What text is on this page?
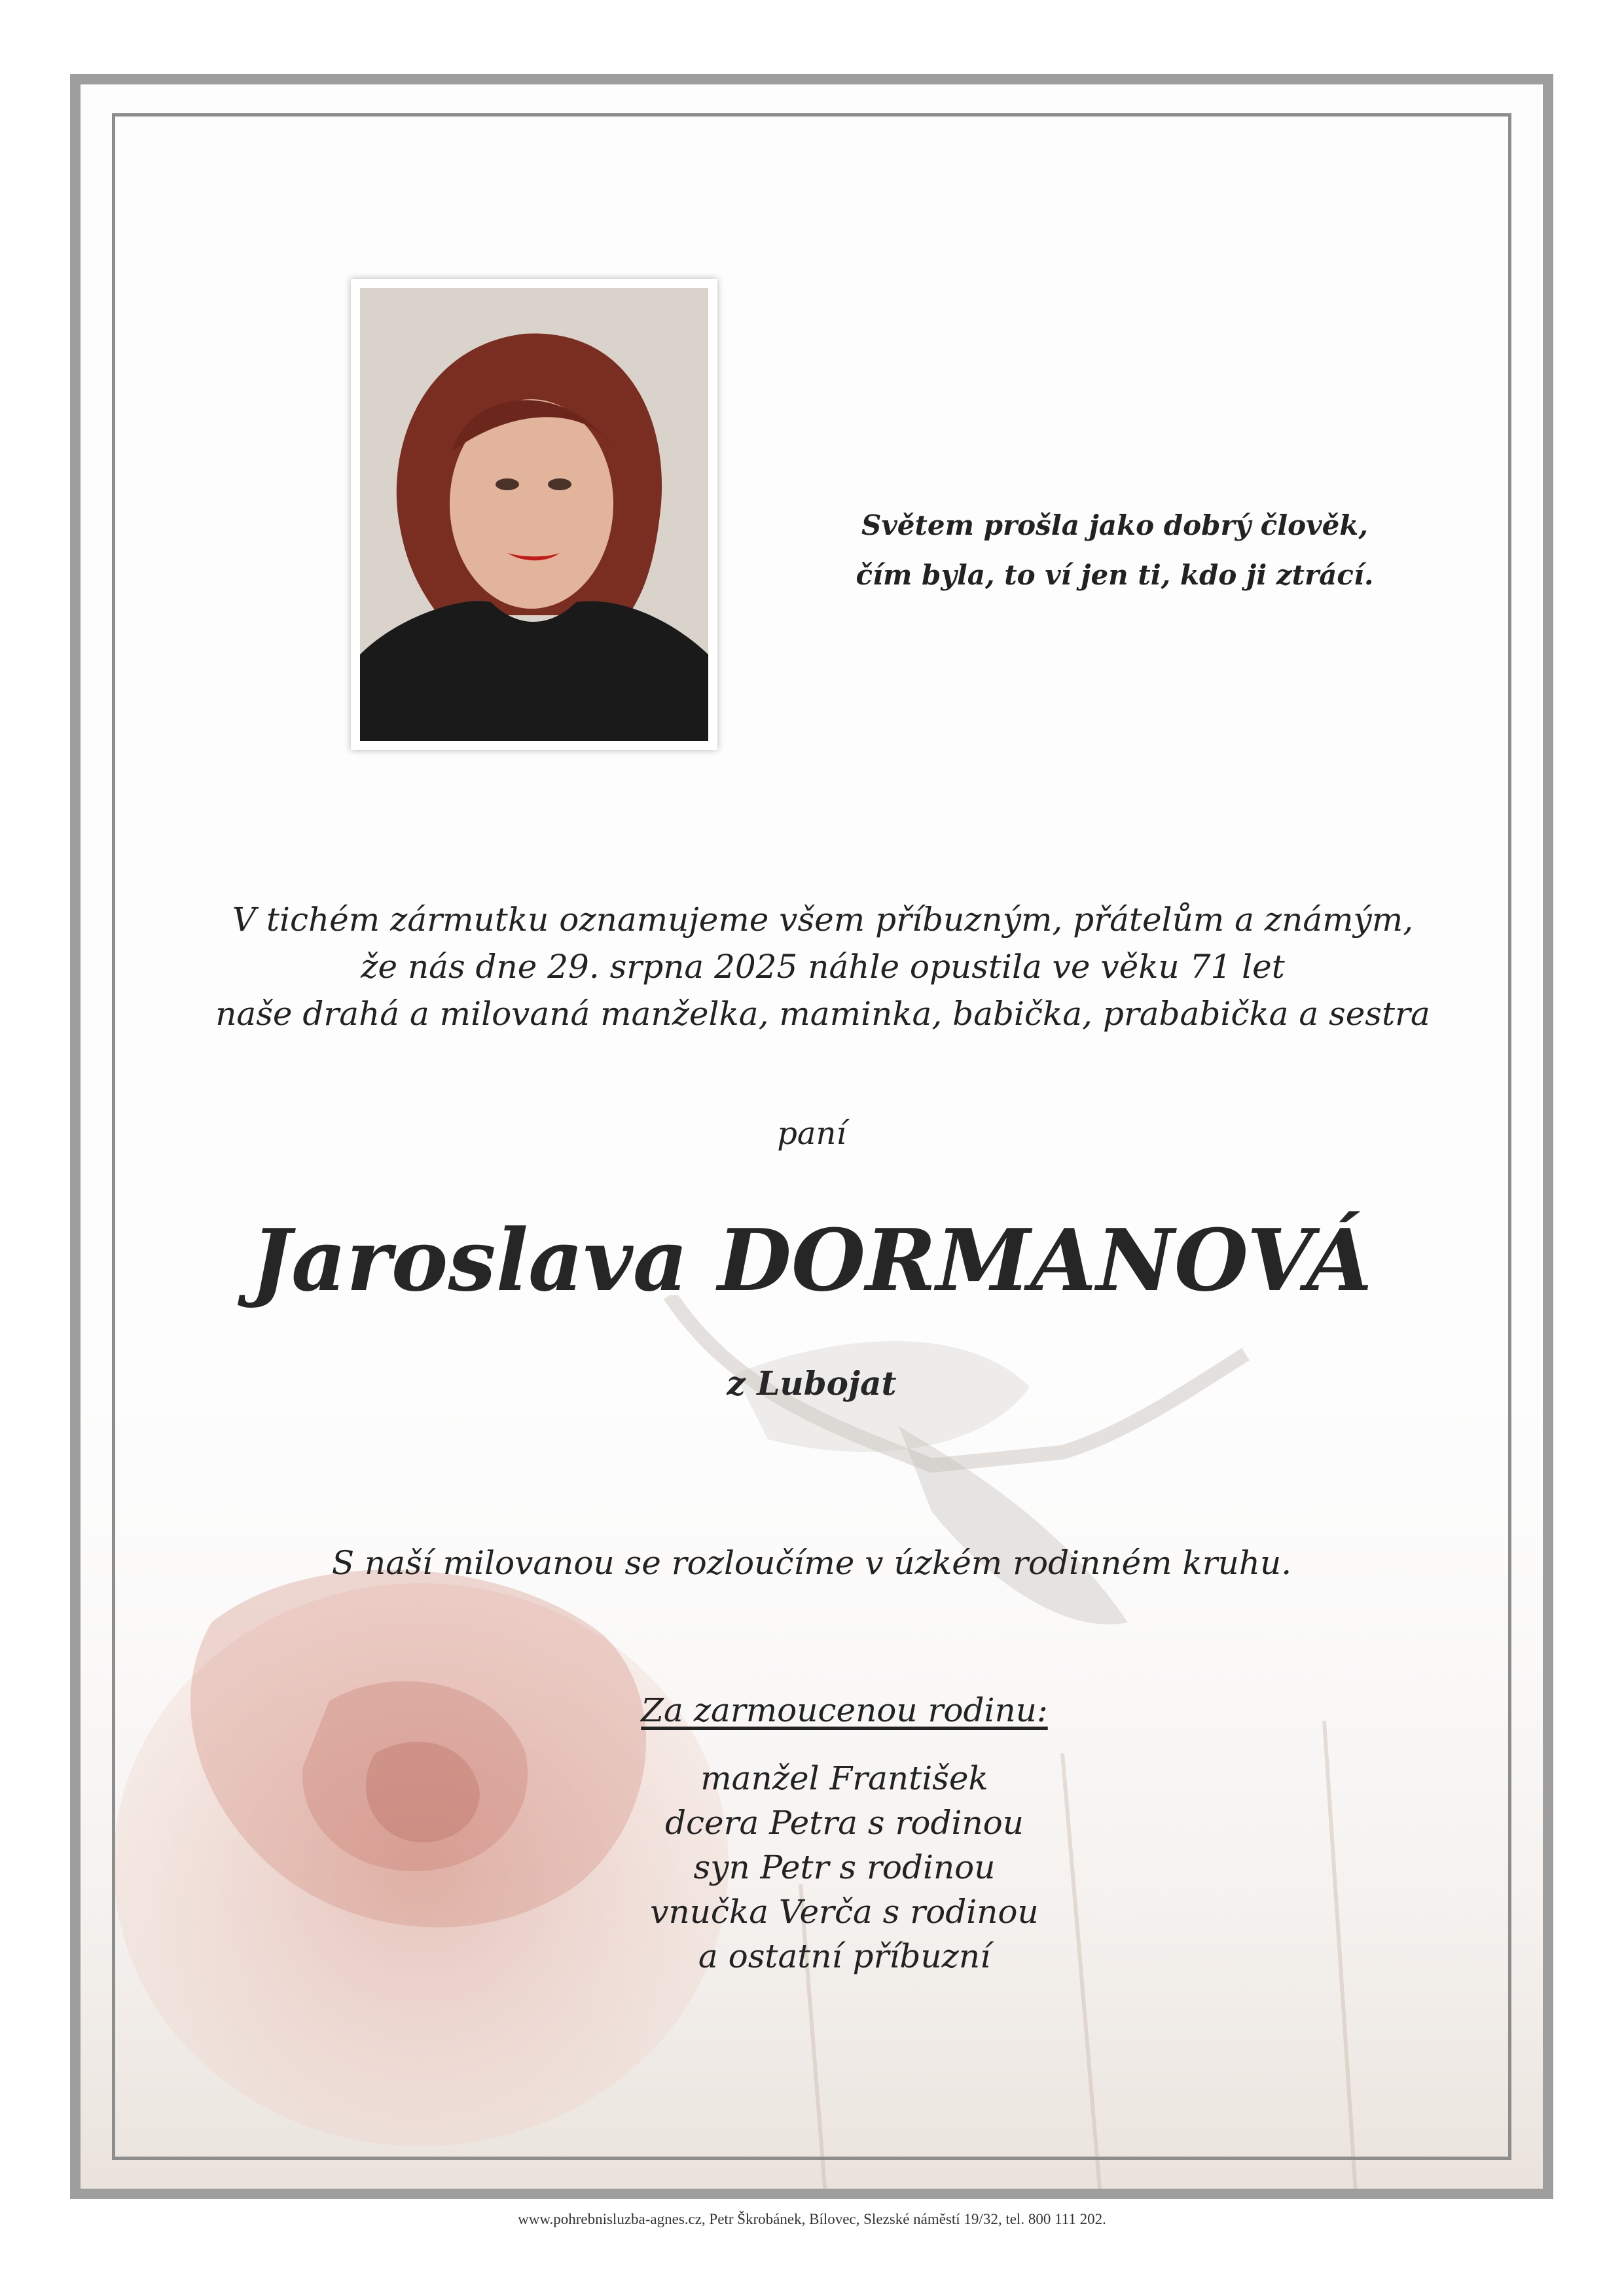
Světem prošla jako dobrý člověk,
čím byla, to ví jen ti, kdo ji ztrácí.
V tichém zármutku oznamujeme všem příbuzným, přátelům a známým,
že nás dne 29. srpna 2025 náhle opustila ve věku 71 let
naše drahá a milovaná manželka, maminka, babička, prababička a sestra
paní
Jaroslava DORMANOVÁ
z Lubojat
S naší milovanou se rozloučíme v úzkém rodinném kruhu.
Za zarmoucenou rodinu:
manžel František
dcera Petra s rodinou
syn Petr s rodinou
vnučka Verča s rodinou
a ostatní příbuzní
www.pohrebnisluzba-agnes.cz, Petr Škrobánek, Bílovec, Slezské náměstí 19/32, tel. 800 111 202.
